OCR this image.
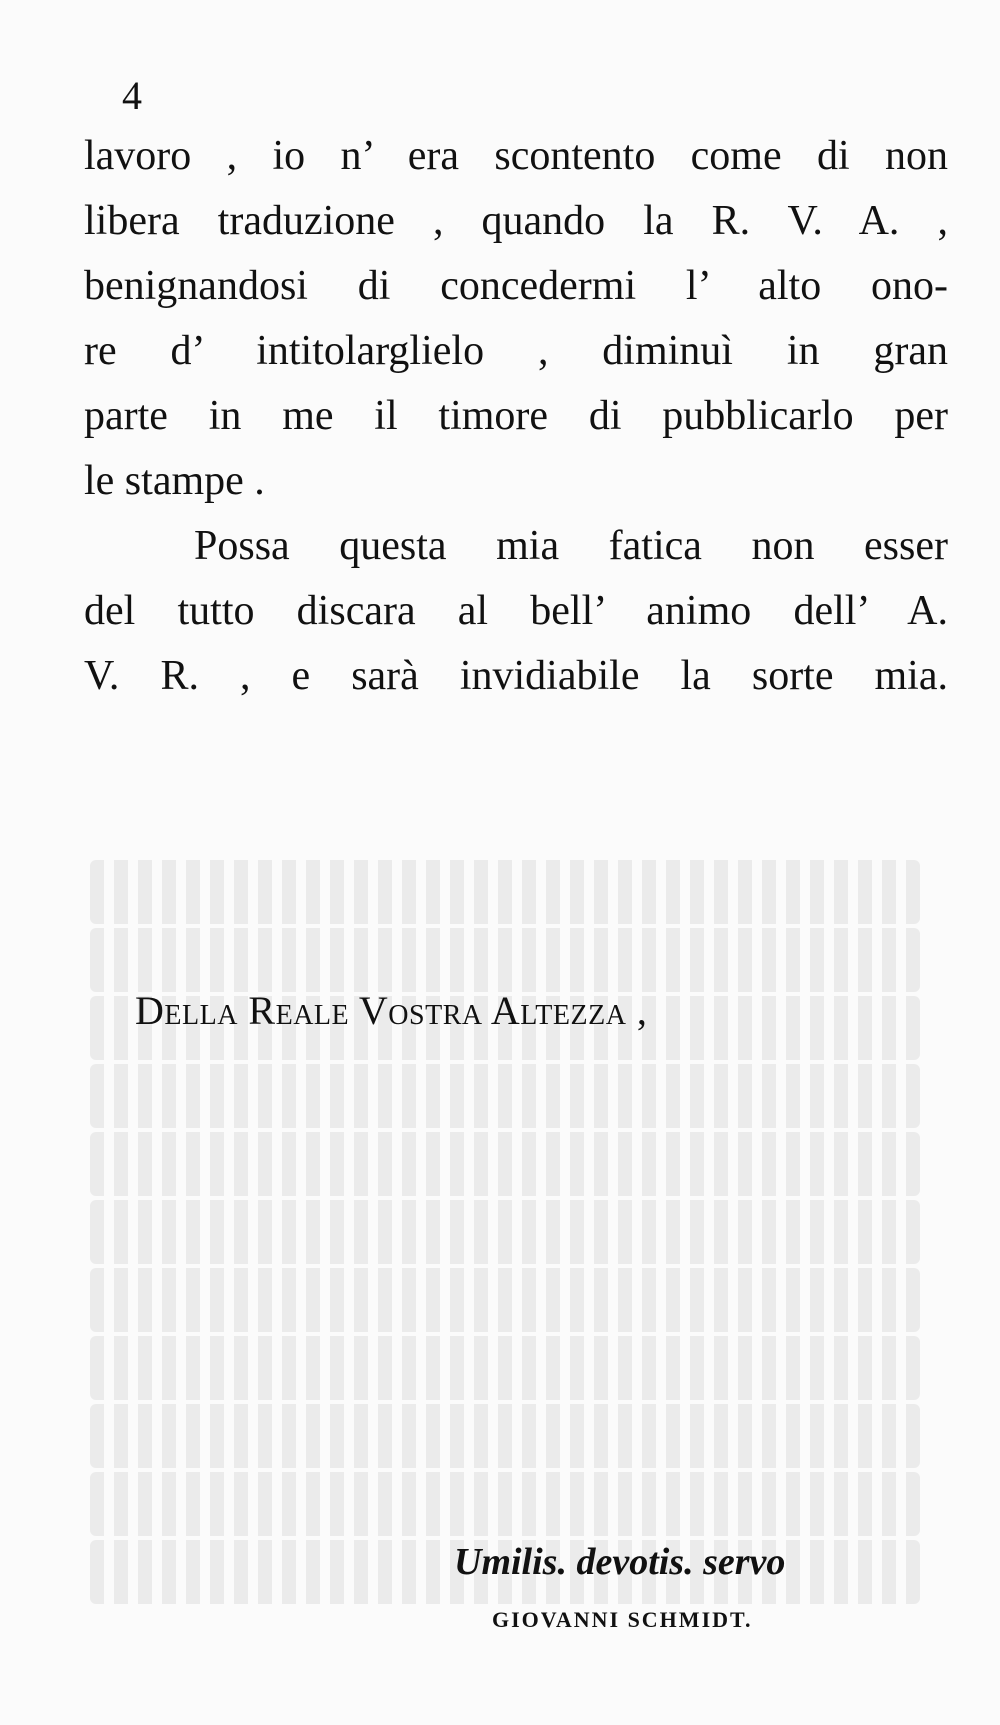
4
lavoro , io n’ era scontento come di non
libera traduzione , quando la R. V. A. ,
benignandosi di concedermi l’ alto ono-
re d’ intitolarglielo , diminuì in gran
parte in me il timore di pubblicarlo per
le stampe .
Possa questa mia fatica non esser
del tutto discara al bell’ animo dell’ A.
V. R. , e sarà invidiabile la sorte mia.
Della Reale Vostra Altezza ,
Umilis. devotis. servo
GIOVANNI SCHMIDT.
